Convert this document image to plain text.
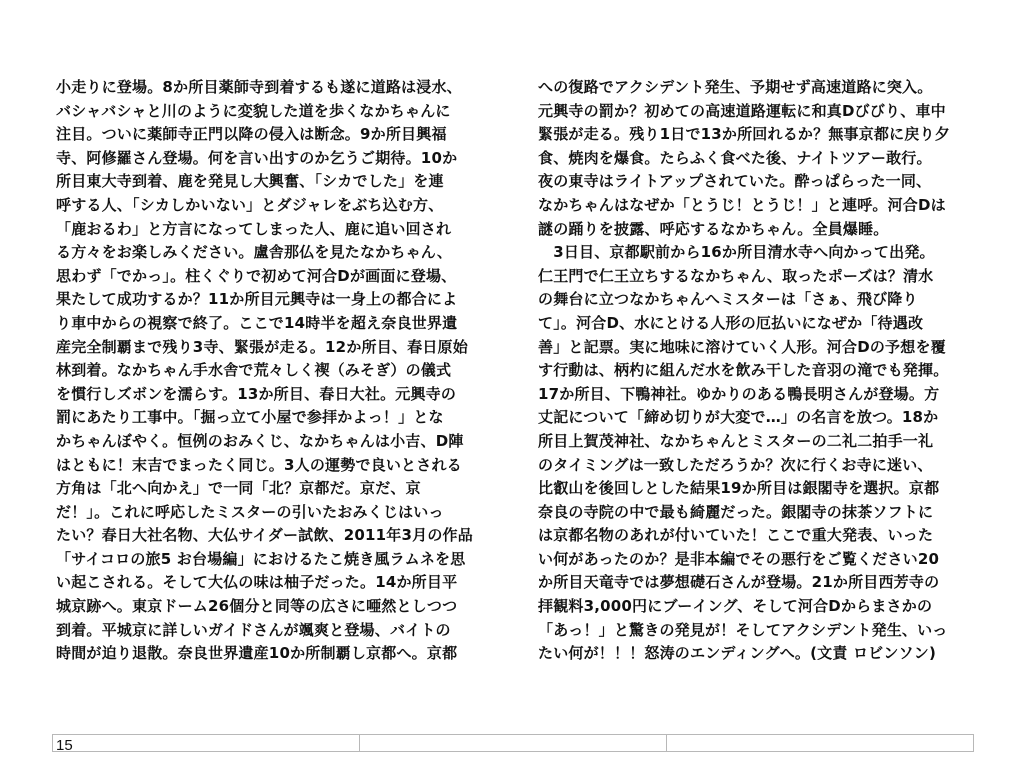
小走りに登場。8か所目薬師寺到着するも遂に道路は浸水、
バシャバシャと川のように変貌した道を歩くなかちゃんに
注目。ついに薬師寺正門以降の侵入は断念。9か所目興福
寺、阿修羅さん登場。何を言い出すのか乞うご期待。10か
所目東大寺到着、鹿を発見し大興奮、「シカでした」を連
呼する人、「シカしかいない」とダジャレをぶち込む方、
「鹿おるわ」と方言になってしまった人、鹿に追い回され
る方々をお楽しみください。盧舎那仏を見たなかちゃん、
思わず「でかっ」。柱くぐりで初めて河合Dが画面に登場、
果たして成功するか？11か所目元興寺は一身上の都合によ
り車中からの視察で終了。ここで14時半を超え奈良世界遺
産完全制覇まで残り3寺、緊張が走る。12か所目、春日原始
林到着。なかちゃん手水舎で荒々しく禊（みそぎ）の儀式
を慣行しズボンを濡らす。13か所目、春日大社。元興寺の
罰にあたり工事中。「掘っ立て小屋で参拝かよっ！」とな
かちゃんぼやく。恒例のおみくじ、なかちゃんは小吉、D陣
はともに！末吉でまったく同じ。3人の運勢で良いとされる
方角は「北へ向かえ」で一同「北？京都だ。京だ、京
だ！」。これに呼応したミスターの引いたおみくじはいっ
たい？春日大社名物、大仏サイダー試飲、2011年3月の作品
「サイコロの旅5 お台場編」におけるたこ焼き風ラムネを思
い起こされる。そして大仏の味は柚子だった。14か所目平
城京跡へ。東京ドーム26個分と同等の広さに唖然としつつ
到着。平城京に詳しいガイドさんが颯爽と登場、バイトの
時間が迫り退散。奈良世界遺産10か所制覇し京都へ。京都
への復路でアクシデント発生、予期せず高速道路に突入。
元興寺の罰か？初めての高速道路運転に和真Dびびり、車中
緊張が走る。残り1日で13か所回れるか？無事京都に戻り夕
食、焼肉を爆食。たらふく食べた後、ナイトツアー敢行。
夜の東寺はライトアップされていた。酔っぱらった一同、
なかちゃんはなぜか「とうじ！とうじ！」と連呼。河合Dは
謎の踊りを披露、呼応するなかちゃん。全員爆睡。
　3日目、京都駅前から16か所目清水寺へ向かって出発。
仁王門で仁王立ちするなかちゃん、取ったポーズは？清水
の舞台に立つなかちゃんへミスターは「さぁ、飛び降り
て」。河合D、水にとける人形の厄払いになぜか「待遇改
善」と記票。実に地味に溶けていく人形。河合Dの予想を覆
す行動は、柄杓に組んだ水を飲み干した音羽の滝でも発揮。
17か所目、下鴨神社。ゆかりのある鴨長明さんが登場。方
丈記について「締め切りが大変で…」の名言を放つ。18か
所目上賀茂神社、なかちゃんとミスターの二礼二拍手一礼
のタイミングは一致しただろうか？次に行くお寺に迷い、
比叡山を後回しとした結果19か所目は銀閣寺を選択。京都
奈良の寺院の中で最も綺麗だった。銀閣寺の抹茶ソフトに
は京都名物のあれが付いていた！ここで重大発表、いった
い何があったのか？是非本編でその悪行をご覧ください20
か所目天竜寺では夢想礎石さんが登場。21か所目西芳寺の
拝観料3,000円にブーイング、そして河合Dからまさかの
「あっ！」と驚きの発見が！そしてアクシデント発生、いっ
たい何が！！！怒涛のエンディングへ。(文責 ロビンソン)
15
